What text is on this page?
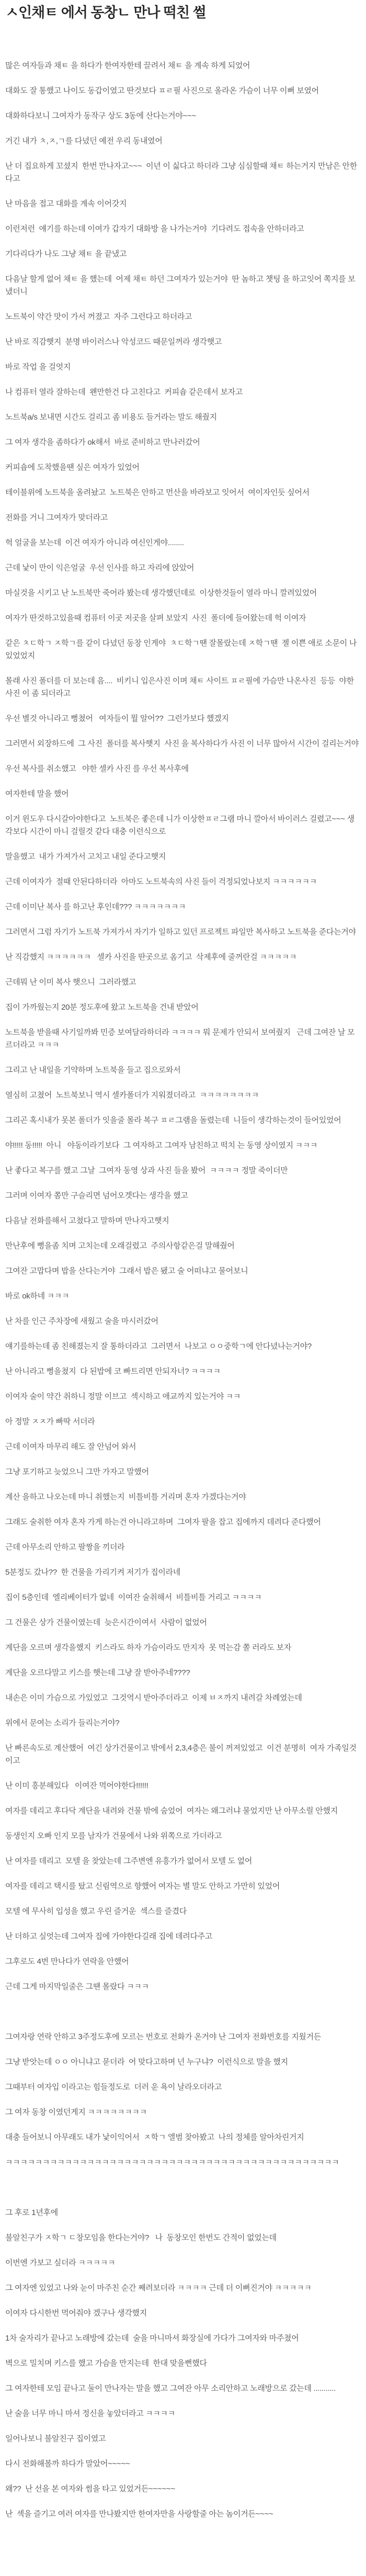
ㅅ인채ㅌ 에서 동창ㄴ 만나 떡친 썰

많은 여자들과 채ㅌ 을 하다가 한여자한테 끌려서 채ㅌ 을 계속 하게 되었어

대화도 잘 통했고 나이도 동갑이였고 딴것보다 ㅍㄹ필 사진으로 올라온 가슴이 너무 이뻐 보였어

대화하다보니 그여자가 동작구 상도 3동에 산다는거야~~~

거긴 내가 ㅊ,ㅈ,ㄱ를 다녔던 예전 우리 동내였어

난 더 집요하게 꼬셨지  한번 만나자고~~~  이년 이 싫다고 하더라 그냥 심심할때 채ㅌ 하는거지 만남은 안한다고

난 마음을 접고 대화를 계속 이어갓지

이런저런  얘기를 하는데 이여가 갑자기 대화방 을 나가는거야  기다려도 접속을 안하더라고

기다리다가 나도 그냥 채ㅌ 을 끝냈고

다음날 할게 없어 채ㅌ 을 했는데  어제 채ㅌ 하던 그여자가 있는거야  딴 놈하고 챗팅 을 하고잇어 쪽지를 보냈더니

노트북이 약간 맛이 가서 꺼졌고  자주 그런다고 하더라고

난 바로 직감햇지  분명 바이러스나 악성코드 때문일꺼라 생각햇고

바로 작업 을 걸엇지

나 컴퓨터 열라 잘하는데  왠만한건 다 고친다고  커피숍 같은데서 보자고

노트북a/s 보내면 시간도 걸리고 좀 비용도 들거라는 말도 해줬지

그 여자 생각을 좀하다가 ok해서  바로 준비하고 만나러갔어

커피숍에 도착했을땐 싶은 여자가 있었어

테이블위에 노트북을 올려놨고  노트북은 안하고 먼산을 바라보고 잇어서  여이자인듯 싶어서

전화를 거니 그여자가 맞더라고

헉 얼굴을 보는데  이건 여자가 아니라 여신인게야........

근데 낯이 만이 익은얼굴  우선 인사를 하고 자리에 앉았어

마실것을 시키고 난 노트북만 죽어라 봤는데 생각했던데로  이상한것들이 열라 마니 깔려있었어

여자가 딴것하고있을때 컴퓨터 이곳 저곳을 살펴 보았지  사진  폴더에 들어왔는데 헉 이여자

같은 ㅊㄷ학ㄱ ㅈ학ㄱ를 같이 다녔던 동창 인게야  ㅊㄷ학ㄱ땐 잘몰랐는데 ㅈ학ㄱ땐  젤 이쁜 애로 소문이 나있었었지

몰래 사진 폴더를 더 보는데 음....  비키니 입은사진 이며 채ㅌ 사이트 ㅍㄹ필에 가슴만 나온사진  등등  야한사진 이 좀 되더라고

우선 별것 아니라고 뻥쳤어   여자들이 뭘 알어??  그런가보다 했겠지

그러면서 외장하드에  그 사진  폴더를 복사햇지  사진 을 복사하다가 사진 이 너무 많아서 시간이 걸리는거야

우선 복사를 취소했고   야한 셀카 사진 를 우선 복사후에

여자한테 말을 했어

이거 윈도우 다시갈아야한다고  노트북은 좋은데 니가 이상한ㅍㄹ그램 마니 깔아서 바이러스 걸렸고~~~ 생각보다 시간이 마니 걸릴것 같다 대충 이런식으로

말을했고  내가 가져가서 고치고 내일 준다고햇지

근데 이여자가  절때 안된다하더라  아마도 노트북속의 사진 들이 걱정되었나보지 ㅋㅋㅋㅋㅋㅋ

근데 이미난 복사 를 하고난 후인데??? ㅋㅋㅋㅋㅋㅋㅋ

그러면서 그럼 자기가 노트북 가져가서 자기가 일하고 있던 프로젝트 파일만 복사하고 노트북을 준다는거야

난 직감했지 ㅋㅋㅋㅋㅋㅋ   셀카 사진을 딴곳으로 옴기고  삭제후에 줄꺼란걸 ㅋㅋㅋㅋㅋ

근데뭐 난 이미 복사 햇으니  그러라했고

집이 가까웠는지 20분 정도후에 왔고 노트북을 건내 받았어

노트북을 받을때 사기일까봐 민증 보여달라하더라 ㅋㅋㅋㅋ 뭐 문제가 안되서 보여줬지   근데 그여잔 날 모르더라고 ㅋㅋㅋ

그리고 난 내일을 기약하며 노트북을 들고 집으로와서

열심히 고쳤어  노트북보니 역시 셀카폴더가 지워졌더라고  ㅋㅋㅋㅋㅋㅋㅋㅋ

그리곤 혹시내가 못본 폴더가 잇을줄 몰라 복구 ㅍㄹ그램을 돌렸는데  니들이 생각하는것이 들어있었어

야!!!!! 동!!!!!  아니   야동이라기보다  그 여자하고 그여자 남친하고 떡치 는 동영 상이였지 ㅋㅋㅋ

난 좋다고 복구를 했고 그날  그여자 동영 상과 사진 들을 봤어  ㅋㅋㅋㅋ 정말 죽이더만

그러며 이여자 쫌만 구슬리면 넘어오겟다는 생각을 했고

다음날 전화를해서 고쳤다고 말하며 만나자고햇지

만난후에 뻥을좀 치며 고치는데 오래걸렸고  주의사항같은걸 말해줬어

그여잔 고맙다며 밥을 산다는거야  그래서 밥은 됐고 술 어떠냐고 물어보니

바로 ok하네 ㅋㅋㅋ

난 차를 인근 주차장에 새웠고 술을 마시러갔어

얘기를하는데 좀 친해졌는지 잘 통하더라고  그러면서  나보고 ㅇㅇ중학ㄱ에 안다녔나는거야?

난 아니라고 뻥을쳤지  다 된밥에 코 빠트리면 안되자너? ㅋㅋㅋㅋ

이여자 술이 약간 취하니 정말 이브고  섹시하고 애교까지 있는거야 ㅋㅋ

아 정말 ㅈㅈ가 빠딱 서더라

근데 이여자 마무리 해도 잘 안넘어 와서

그냥 포기하고 늦었으니 그만 가자고 말했어

계산 을하고 나오는데 마니 취했는지  비틀비틀 거리며 혼자 가겠다는거야

그래도 술취한 여자 혼자 가게 하는건 아니라고하며  그여자 팔을 잡고 집에까지 데려다 준다했어

근데 아무소리 안하고 팔짱을 끼더라

5분정도 갔나??  한 건물을 가리기켜 저기가 집이라네

집이 5층인데  엘리베이터가 없네  이여잔 술취해서  비틀비틀 거리고 ㅋㅋㅋㅋ

그 건물은 상가 건물이였는데  늦은시간이여서  사람이 없었어

계단을 오르며 생각을했지  키스라도 하자 가슴이라도 만지자  못 먹는감 쫄 러라도 보자

계단을 오르다말고 키스를 햇는데 그냥 잘 받아주네????

내손은 이미 가슴으로 가있었고  그것역시 받아주더라고  이제 ㅂㅈ까지 내려갈 차례였는데

위에서 문여는 소리가 들리는거야?

난 빠른속도로 계산했어  여긴 상가건물이고 밖에서 2,3,4층은 불이 꺼져있었고  이건 분명히  여자 가족일것이고

난 이미 흥분해있다   이여잔 먹어야한다!!!!!!

여자를 데리고 후다닥 계단을 내려와 건물 밖에 숨었어  여자는 왜그러냐 물었지만 난 아무소릴 안했지

동생인지 오빠 인지 모를 남자가 건물에서 나와 위쪽으로 가더라고

난 여자를 데리고  모텔 을 찾았는데 그주변엔 유흥가가 없어서 모텔 도 없어

여자를 데리고 택시를 탔고 신림역으로 향했어 여자는 별 말도 안하고 가만히 있었어

모텔 에 무사히 입성을 했고 우린 즐거운  섹스를 즐겼다

난 더하고 싶엇는데 그여자 집에 가야한다길래 집에 데려다주고

그후로도 4번 만나다가 연락을 안했어

근데 그게 마지막일줄은 그땐 몰랐다 ㅋㅋㅋ

그여자랑 연락 안하고 3주정도후에 모르는 번호로 전화가 온거야 난 그여자 전화번호를 지웠거든

그냥 받앗는데 ㅇㅇ 아니냐고 묻더라  어 맞다고하며 넌 누구냐?  이런식으로 말을 했지

그때부터 여자입 이라고는 힘들정도로  더러 운 욕이 날라오더라고

그 여자 동창 이였던게지 ㅋㅋㅋㅋㅋㅋㅋㅋ

대충 들어보니 아무래도 내가 낯이익어서  ㅈ학ㄱ 앨범 찾아봤고  나의 정체를 알아차린거지

ㅋㅋㅋㅋㅋㅋㅋㅋㅋㅋㅋㅋㅋㅋㅋㅋㅋㅋㅋㅋㅋㅋㅋㅋㅋㅋㅋㅋㅋㅋㅋㅋㅋㅋㅋㅋㅋㅋㅋㅋㅋㅋㅋㅋㅋ

그 후로 1년후에

불알친구가 ㅈ학ㄱ ㄷ창모임을 한다는거야?   나  동창모인 한번도 간적이 없었는데

이번엔 가보고 싶더라 ㅋㅋㅋㅋㅋ

그 여자엔 있었고 나와 눈이 마주친 순간 째려보더라 ㅋㅋㅋㅋ 근데 더 이뻐진거야 ㅋㅋㅋㅋㅋ

이여자 다시한번 먹어줘야 겠구나 생각했지

1차 술자리가 끝나고 노래방에 갔는데  술을 마니마셔 화장실에 가다가 그여자와 마주쳤어

벽으로 밀치며 키스를 했고 가슴을 만지는데  한대 맞을뻔했다

그 여자한테 모임 끝나고 둘이 만나자는 말을 했고 그여잔 아무 소리안하고 노래방으로 갔는데 ...........

난 술을 너무 마니 마셔 정신을 놓았더라고 ㅋㅋㅋㅋ

일어나보니 불알친구 집이였고

다시 전화해볼까 하다가 말았어~~~~~

왜??  난 선을 본 여자와 썸을 타고 있었거든~~~~~~

난  섹을 즐기고 여러 여자를 만나봤지만 한여자만을 사랑할줄 아는 놈이거든~~~~
